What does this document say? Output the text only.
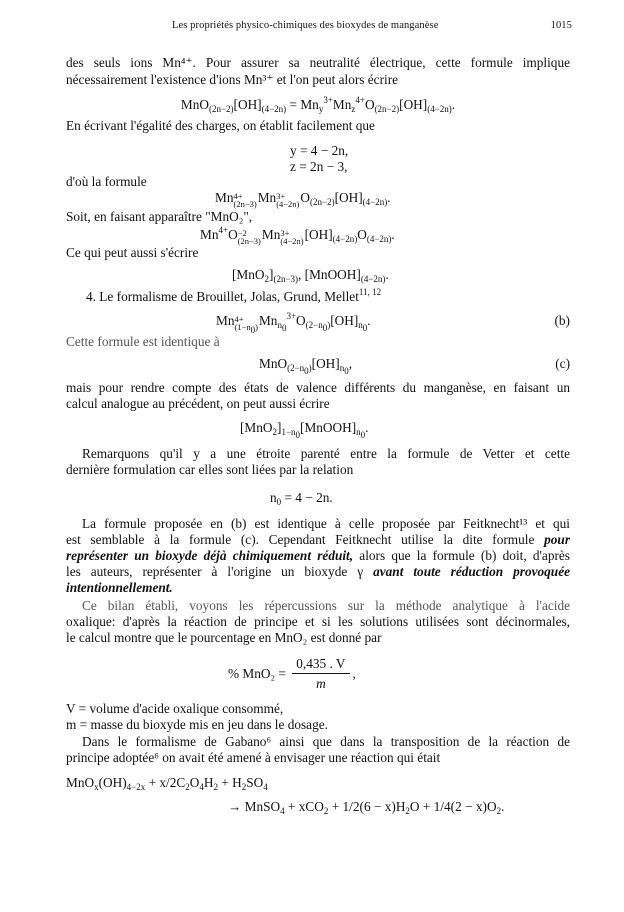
Les propriétés physico-chimiques des bioxydes de manganèse	1015
des seuls ions Mn⁴⁺. Pour assurer sa neutralité électrique, cette formule implique
nécessairement l'existence d'ions Mn³⁺ et l'on peut alors écrire
$MnO_{(2n-2)}[OH]_{(4-2n)} = Mn_y^{3+}Mn_z^{4+}O_{(2n-2)}[OH]_{(4-2n)}$.
En écrivant l'égalité des charges, on établit facilement que
y = 4 − 2n,
z = 2n − 3,
d'où la formule
Mn 4+
(2n−3) Mn 3+
(4−2n) $O_{(2n-2)}[OH]_{(4-2n)}$.
Soit, en faisant apparaître "MnO₂",
$Mn^{4+}O -2$
(2n−3) Mn 3+
(4−2n) $[OH]_{(4-2n)}O_{(4-2n)}$.
Ce qui peut aussi s'écrire
$[MnO_2]_{(2n-3)}$, $[MnOOH]_{(4-2n)}$.
4. Le formalisme de Brouillet, Jolas, Grund, Mellet$^{11, 12}$
Mn 4+
$(1-n_0)$ $Mn_{n_0}^{3+}O_{(2-n_0)}[OH]_{n_0}$.	(b)
Cette formule est identique à
$MnO_{(2-n_0)}[OH]_{n_0}$,	(c)
mais pour rendre compte des états de valence différents du manganèse, en faisant un
calcul analogue au précédent, on peut aussi écrire
$[MnO_2]_{1-n_0}[MnOOH]_{n_0}$.
Remarquons qu'il y a une étroite parenté entre la formule de Vetter et cette
dernière formulation car elles sont liées par la relation
$n_0 = 4 - 2n$.
La formule proposée en (b) est identique à celle proposée par Feitknecht¹³ et qui
est semblable à la formule (c). Cependant Feitknecht utilise la dite formule pour
représenter un bioxyde déjà chimiquement réduit, alors que la formule (b) doit, d'après
les auteurs, représenter à l'origine un bioxyde γ avant toute réduction provoquée
intentionnellement.
Ce bilan établi, voyons les répercussions sur la méthode analytique à l'acide
oxalique: d'après la réaction de principe et si les solutions utilisées sont décinormales,
le calcul montre que le pourcentage en MnO₂ est donné par
% $MnO_2 = \frac{0,435 . V}{m}$ ,
V = volume d'acide oxalique consommé,
m = masse du bioxyde mis en jeu dans le dosage.
Dans le formalisme de Gabano⁶ ainsi que dans la transposition de la réaction de
principe adoptée⁶ on avait été amené à envisager une réaction qui était
$MnO_x(OH)_{4-2x} + x/2C_2O_4H_2 + H_2SO_4$
→ MnSO$_4$ + $xCO_2 + 1/2(6 - x)H_2O + 1/4(2 - x)O_2$.
